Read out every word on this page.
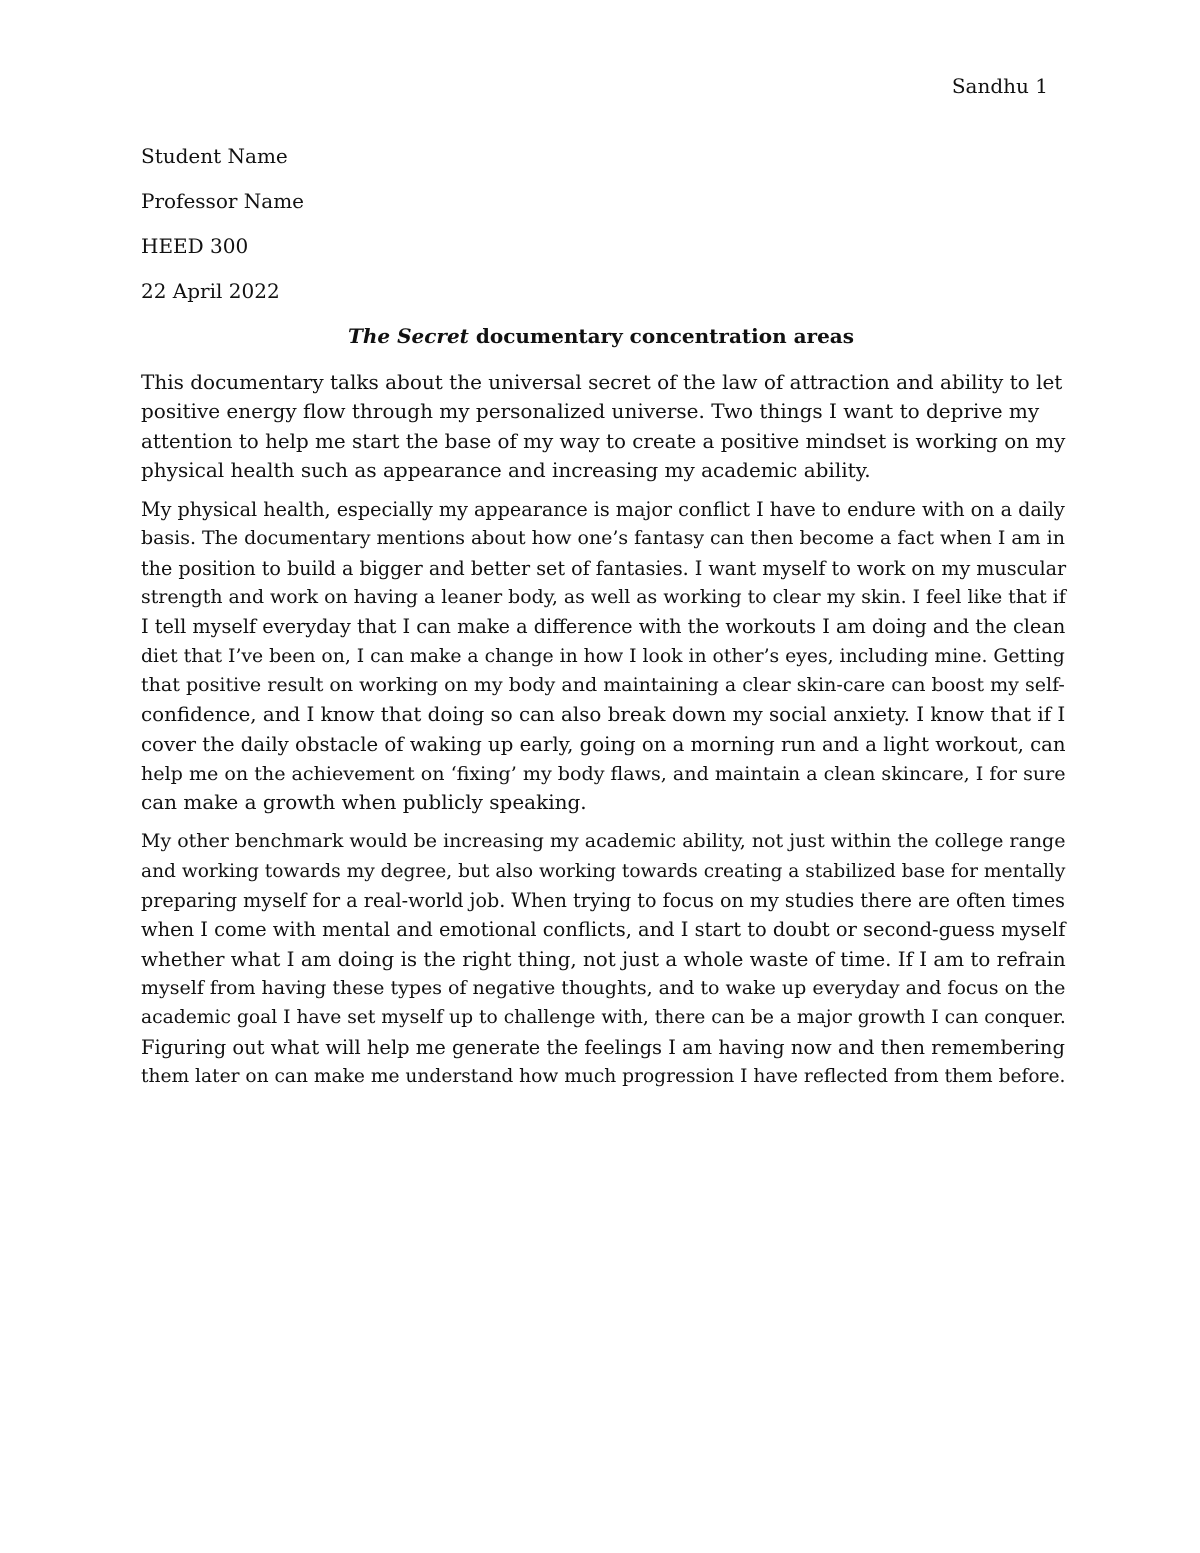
Sandhu 1
Student Name
Professor Name
HEED 300
22 April 2022
The Secret documentary concentration areas
This documentary talks about the universal secret of the law of attraction and ability to let
positive energy flow through my personalized universe. Two things I want to deprive my
attention to help me start the base of my way to create a positive mindset is working on my
physical health such as appearance and increasing my academic ability.
My physical health, especially my appearance is major conflict I have to endure with on a daily
basis. The documentary mentions about how one’s fantasy can then become a fact when I am in
the position to build a bigger and better set of fantasies. I want myself to work on my muscular
strength and work on having a leaner body, as well as working to clear my skin. I feel like that if
I tell myself everyday that I can make a difference with the workouts I am doing and the clean
diet that I’ve been on, I can make a change in how I look in other’s eyes, including mine. Getting
that positive result on working on my body and maintaining a clear skin-care can boost my self-
confidence, and I know that doing so can also break down my social anxiety. I know that if I
cover the daily obstacle of waking up early, going on a morning run and a light workout, can
help me on the achievement on ‘fixing’ my body flaws, and maintain a clean skincare, I for sure
can make a growth when publicly speaking.
My other benchmark would be increasing my academic ability, not just within the college range
and working towards my degree, but also working towards creating a stabilized base for mentally
preparing myself for a real-world job. When trying to focus on my studies there are often times
when I come with mental and emotional conflicts, and I start to doubt or second-guess myself
whether what I am doing is the right thing, not just a whole waste of time. If I am to refrain
myself from having these types of negative thoughts, and to wake up everyday and focus on the
academic goal I have set myself up to challenge with, there can be a major growth I can conquer.
Figuring out what will help me generate the feelings I am having now and then remembering
them later on can make me understand how much progression I have reflected from them before.
